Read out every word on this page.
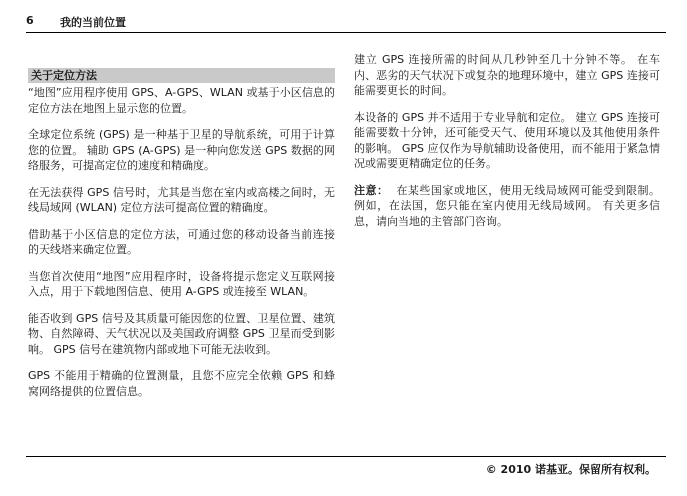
6 我的当前位置
关于定位方法

“地图”应用程序使用 GPS、A-GPS、WLAN 或基于小区信息的定位方法在地图上显示您的位置。

全球定位系统 (GPS) 是一种基于卫星的导航系统，可用于计算您的位置。 辅助 GPS (A-GPS) 是一种向您发送 GPS 数据的网络服务，可提高定位的速度和精确度。

在无法获得 GPS 信号时，尤其是当您在室内或高楼之间时，无线局域网 (WLAN) 定位方法可提高位置的精确度。

借助基于小区信息的定位方法，可通过您的移动设备当前连接的天线塔来确定位置。

当您首次使用“地图”应用程序时，设备将提示您定义互联网接入点，用于下载地图信息、使用 A-GPS 或连接至 WLAN。

能否收到 GPS 信号及其质量可能因您的位置、卫星位置、建筑物、自然障碍、天气状况以及美国政府调整 GPS 卫星而受到影响。 GPS 信号在建筑物内部或地下可能无法收到。

GPS 不能用于精确的位置测量，且您不应完全依赖 GPS 和蜂窝网络提供的位置信息。

建立 GPS 连接所需的时间从几秒钟至几十分钟不等。 在车内、恶劣的天气状况下或复杂的地理环境中，建立 GPS 连接可能需要更长的时间。

本设备的 GPS 并不适用于专业导航和定位。 建立 GPS 连接可能需要数十分钟，还可能受天气、使用环境以及其他使用条件的影响。 GPS 应仅作为导航辅助设备使用，而不能用于紧急情况或需要更精确定位的任务。

注意： 在某些国家或地区，使用无线局域网可能受到限制。 例如，在法国，您只能在室内使用无线局域网。 有关更多信息，请向当地的主管部门咨询。

© 2010 诺基亚。保留所有权利。
